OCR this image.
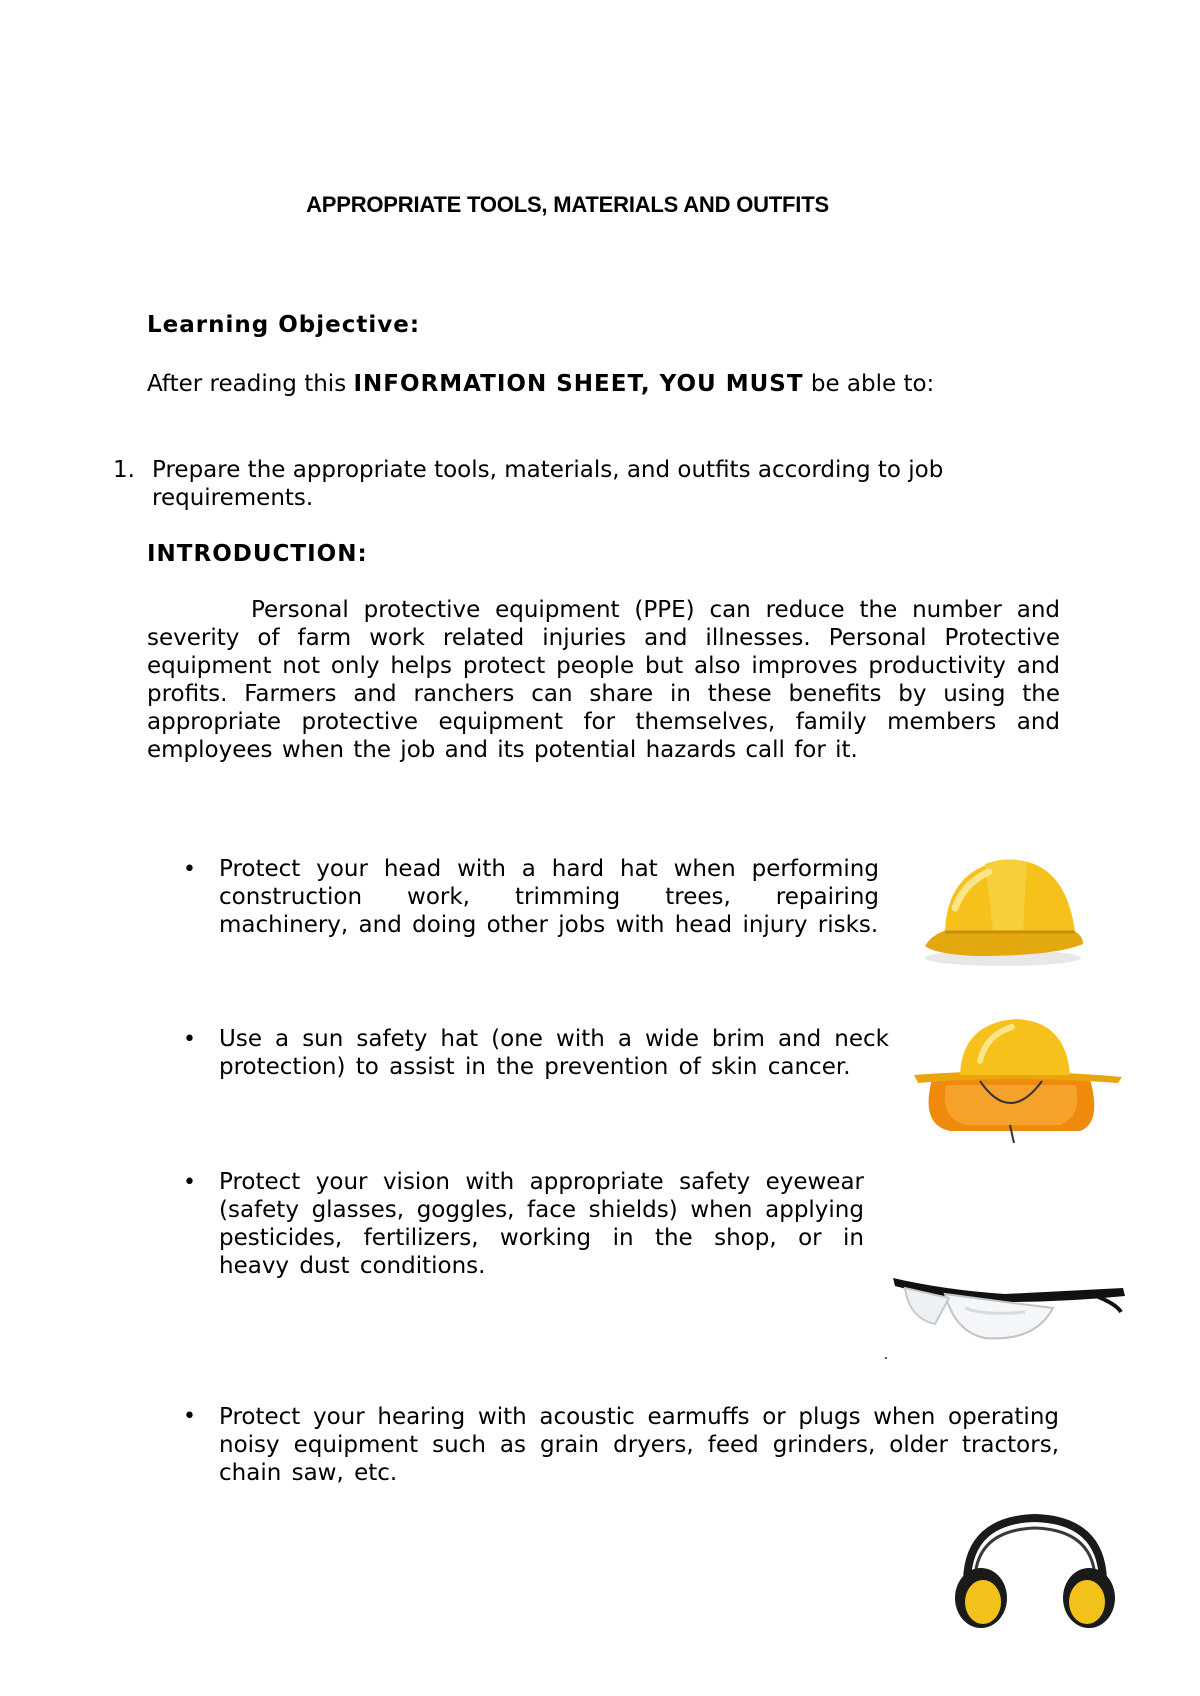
APPROPRIATE TOOLS, MATERIALS AND OUTFITS
Learning Objective:
After reading this INFORMATION SHEET, YOU MUST be able to:
1. Prepare the appropriate tools, materials, and outfits according to job requirements.
INTRODUCTION:
Personal protective equipment (PPE) can reduce the number and severity of farm work related injuries and illnesses. Personal Protective equipment not only helps protect people but also improves productivity and profits. Farmers and ranchers can share in these benefits by using the appropriate protective equipment for themselves, family members and employees when the job and its potential hazards call for it.
• Protect your head with a hard hat when performing construction work, trimming trees, repairing machinery, and doing other jobs with head injury risks.
• Use a sun safety hat (one with a wide brim and neck protection) to assist in the prevention of skin cancer.
• Protect your vision with appropriate safety eyewear (safety glasses, goggles, face shields) when applying pesticides, fertilizers, working in the shop, or in heavy dust conditions.
• Protect your hearing with acoustic earmuffs or plugs when operating noisy equipment such as grain dryers, feed grinders, older tractors, chain saw, etc.
